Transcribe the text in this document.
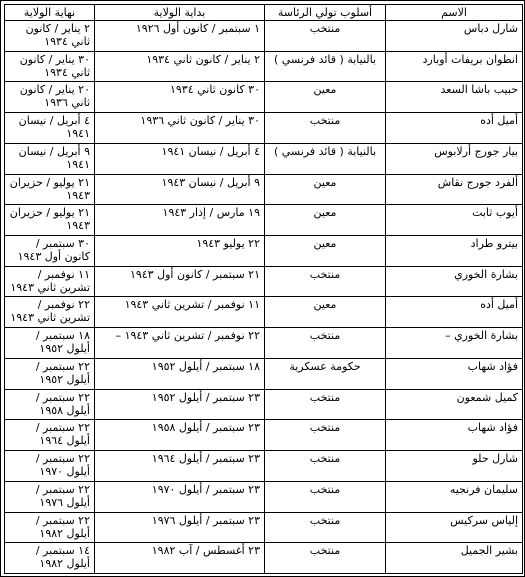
الاسم	أسلوب تولي الرئاسة	بداية الولاية	نهاية الولاية
شارل دباس	منتخب	١ سبتمبر / كانون أول ١٩٢٦	٢ يناير / كانون ثاني ١٩٣٤
انطوان بريفات أوبارد	بالنيابة ( قائد فرنسي )	٢ يناير / كانون ثاني ١٩٣٤	٣٠ يناير / كانون ثاني ١٩٣٤
حبيب باشا السعد	معين	٣٠ كانون ثاني ١٩٣٤	٢٠ يناير / كانون ثاني ١٩٣٦
أميل أده	منتخب	٣٠ يناير / كانون ثاني ١٩٣٦	٤ أبريل / نيسان ١٩٤١
بيار جورج أرلابوس	بالنيابة ( قائد فرنسي )	٤ أبريل / نيسان ١٩٤١	٩ أبريل / نيسان ١٩٤١
ألفرد جورج نقاش	معين	٩ أبريل / نيسان ١٩٤٣	٢١ يوليو / حزيران ١٩٤٣
أيوب ثابت	معين	١٩ مارس / إذار ١٩٤٣	٢١ يوليو / حزيران ١٩٤٣
بيترو طراد	معين	٢٢ يوليو ١٩٤٣	٣٠ سبتمبر / كانون أول ١٩٤٣
بشارة الخوري	منتخب	٢١ سبتمبر / كانون أول ١٩٤٣	١١ نوفمبر / تشرين ثاني ١٩٤٣
أميل أده	معين	١١ نوفمبر / تشرين ثاني ١٩٤٣	٢٢ نوفمبر / تشرين ثاني ١٩٤٣
بشارة الخوري –	منتخب	٢٢ نوفمبر / تشرين ثاني ١٩٤٣ –	١٨ سبتمبر / أيلول ١٩٥٢
فؤاد شهاب	حكومة عسكرية	١٨ سبتمبر / أيلول ١٩٥٢	٢٢ سبتمبر / أيلول ١٩٥٢
كميل شمعون	منتخب	٢٣ سبتمبر / أيلول ١٩٥٢	٢٢ سبتمبر / أيلول ١٩٥٨
فؤاد شهاب	منتخب	٢٣ سبتمبر / أيلول ١٩٥٨	٢٢ سبتمبر / أيلول ١٩٦٤
شارل حلو	منتخب	٢٣ سبتمبر / أيلول ١٩٦٤	٢٢ سبتمبر / أيلول ١٩٧٠
سليمان فرنجيه	منتخب	٢٣ سبتمبر / أيلول ١٩٧٠	٢٢ سبتمبر / أيلول ١٩٧٦
إلياس سركيس	منتخب	٢٣ سبتمبر / أيلول ١٩٧٦	٢٢ سبتمبر / أيلول ١٩٨٢
بشير الجميل	منتخب	٢٣ أغسطس / آب ١٩٨٢	١٤ سبتمبر / أيلول ١٩٨٢
